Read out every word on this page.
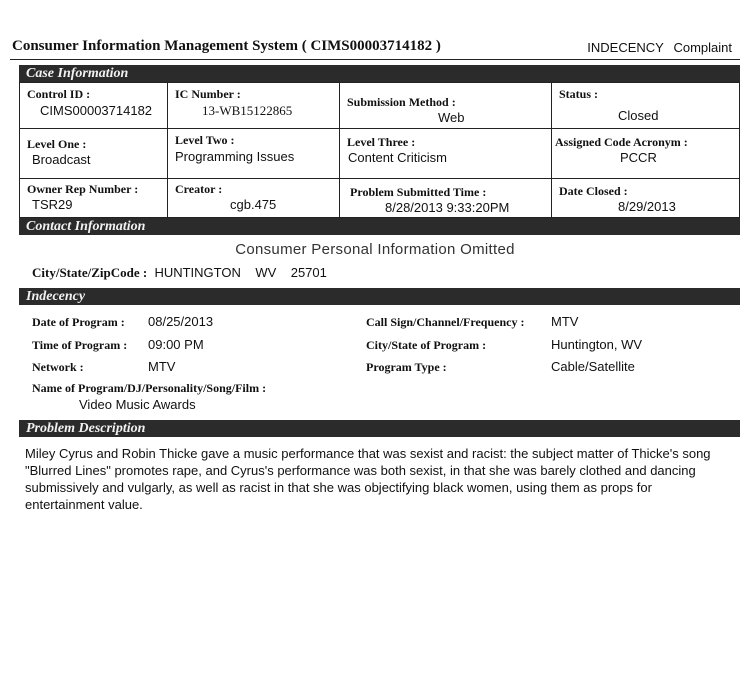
Consumer Information Management System ( CIMS00003714182 )	INDECENCY Complaint
Case Information
Control ID :
CIMS00003714182
IC Number :
13-WB15122865
Submission Method :
Web
Status :
Closed
Level One :
Broadcast
Level Two :
Programming Issues
Level Three :
Content Criticism
Assigned Code Acronym :
PCCR
Owner Rep Number :
TSR29
Creator :
cgb.475
Problem Submitted Time :
8/28/2013 9:33:20PM
Date Closed :
8/29/2013
Contact Information
Consumer Personal Information Omitted
City/State/ZipCode : HUNTINGTON    WV    25701
Indecency
Date of Program : 08/25/2013
Time of Program : 09:00 PM
Network :	MTV
Call Sign/Channel/Frequency : MTV
City/State of Program :	Huntington, WV
Program Type :	Cable/Satellite
Name of Program/DJ/Personality/Song/Film :
Video Music Awards
Problem Description
Miley Cyrus and Robin Thicke gave a music performance that was sexist and racist: the subject matter of Thicke's song "Blurred Lines" promotes rape, and Cyrus's performance was both sexist, in that she was barely clothed and dancing submissively and vulgarly, as well as racist in that she was objectifying black women, using them as props for entertainment value.
